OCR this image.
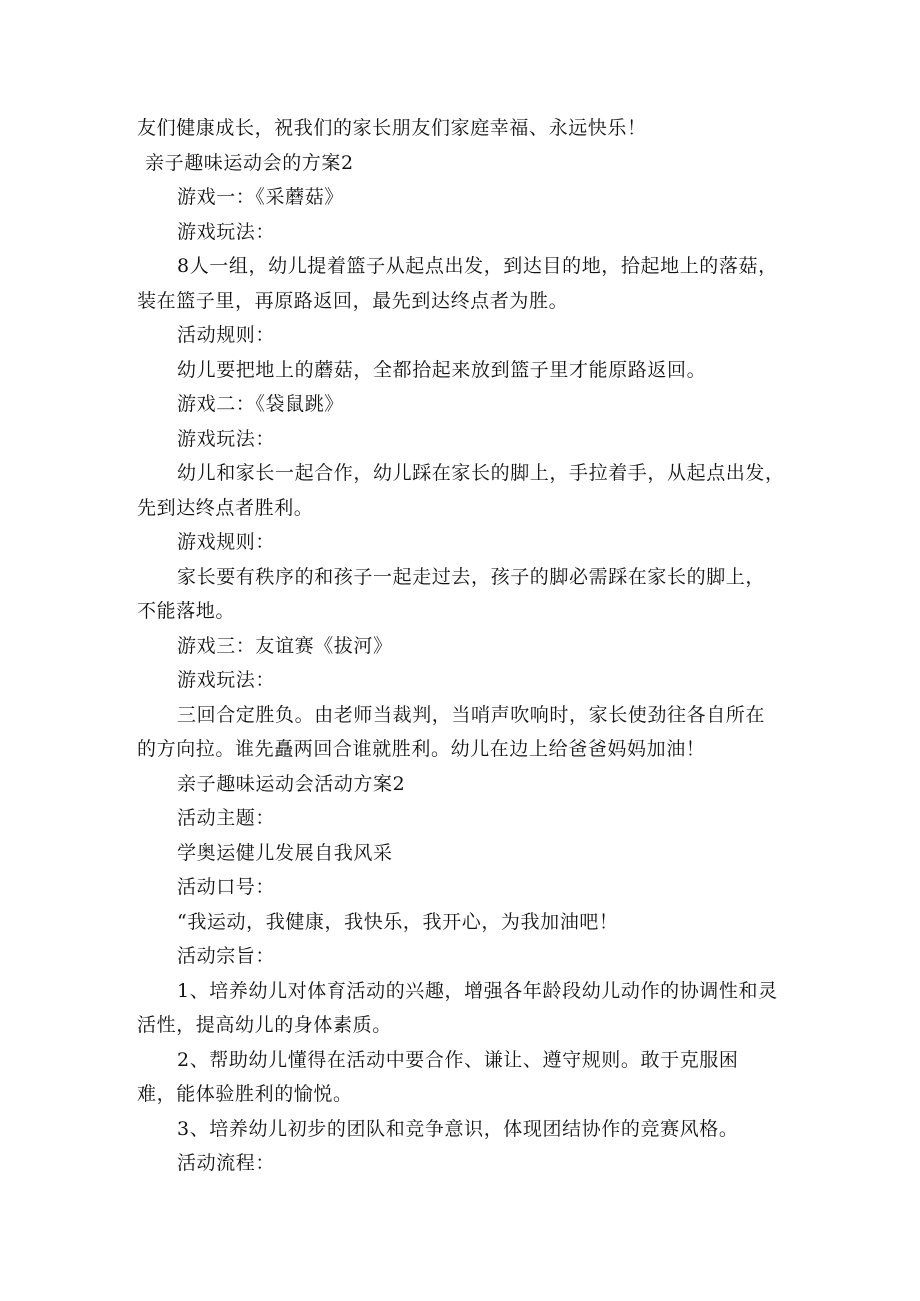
友们健康成长，祝我们的家长朋友们家庭幸福、永远快乐！
亲子趣味运动会的方案2
游戏一：《采蘑菇》
游戏玩法：
8人一组，幼儿提着篮子从起点出发，到达目的地，拾起地上的落菇，
装在篮子里，再原路返回，最先到达终点者为胜。
活动规则：
幼儿要把地上的蘑菇，全都拾起来放到篮子里才能原路返回。
游戏二：《袋鼠跳》
游戏玩法：
幼儿和家长一起合作，幼儿踩在家长的脚上，手拉着手，从起点出发，
先到达终点者胜利。
游戏规则：
家长要有秩序的和孩子一起走过去，孩子的脚必需踩在家长的脚上，
不能落地。
游戏三：友谊赛《拔河》
游戏玩法：
三回合定胜负。由老师当裁判，当哨声吹响时，家长使劲往各自所在
的方向拉。谁先矗两回合谁就胜利。幼儿在边上给爸爸妈妈加油！
亲子趣味运动会活动方案2
活动主题：
学奥运健儿发展自我风采
活动口号：
“我运动，我健康，我快乐，我开心，为我加油吧！
活动宗旨：
1、培养幼儿对体育活动的兴趣，增强各年龄段幼儿动作的协调性和灵
活性，提高幼儿的身体素质。
2、帮助幼儿懂得在活动中要合作、谦让、遵守规则。敢于克服困
难，能体验胜利的愉悦。
3、培养幼儿初步的团队和竞争意识，体现团结协作的竞赛风格。
活动流程：
